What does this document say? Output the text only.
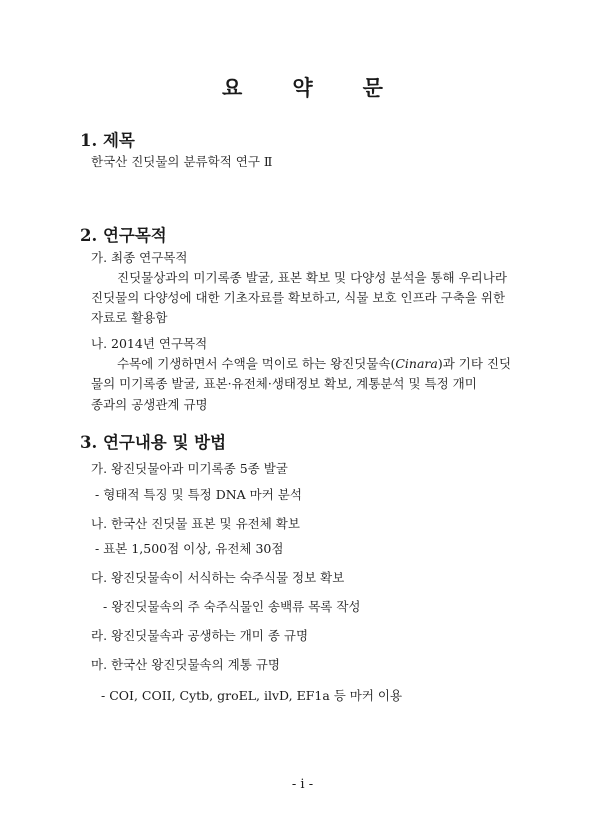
요 약 문
1. 제목
한국산 진딧물의 분류학적 연구 Ⅱ
2. 연구목적
가. 최종 연구목적
진딧물상과의 미기록종 발굴, 표본 확보 및 다양성 분석을 통해 우리나라
진딧물의 다양성에 대한 기초자료를 확보하고, 식물 보호 인프라 구축을 위한
자료로 활용함
나. 2014년 연구목적
수목에 기생하면서 수액을 먹이로 하는 왕진딧물속(Cinara)과 기타 진딧
물의 미기록종 발굴, 표본·유전체·생태정보 확보, 계통분석 및 특정 개미
종과의 공생관계 규명
3. 연구내용 및 방법
가. 왕진딧물아과 미기록종 5종 발굴
- 형태적 특징 및 특정 DNA 마커 분석
나. 한국산 진딧물 표본 및 유전체 확보
- 표본 1,500점 이상, 유전체 30점
다. 왕진딧물속이 서식하는 숙주식물 정보 확보
- 왕진딧물속의 주 숙주식물인 송백류 목록 작성
라. 왕진딧물속과 공생하는 개미 종 규명
마. 한국산 왕진딧물속의 계통 규명
- COI, COII, Cytb, groEL, ilvD, EF1a 등 마커 이용
- i -
